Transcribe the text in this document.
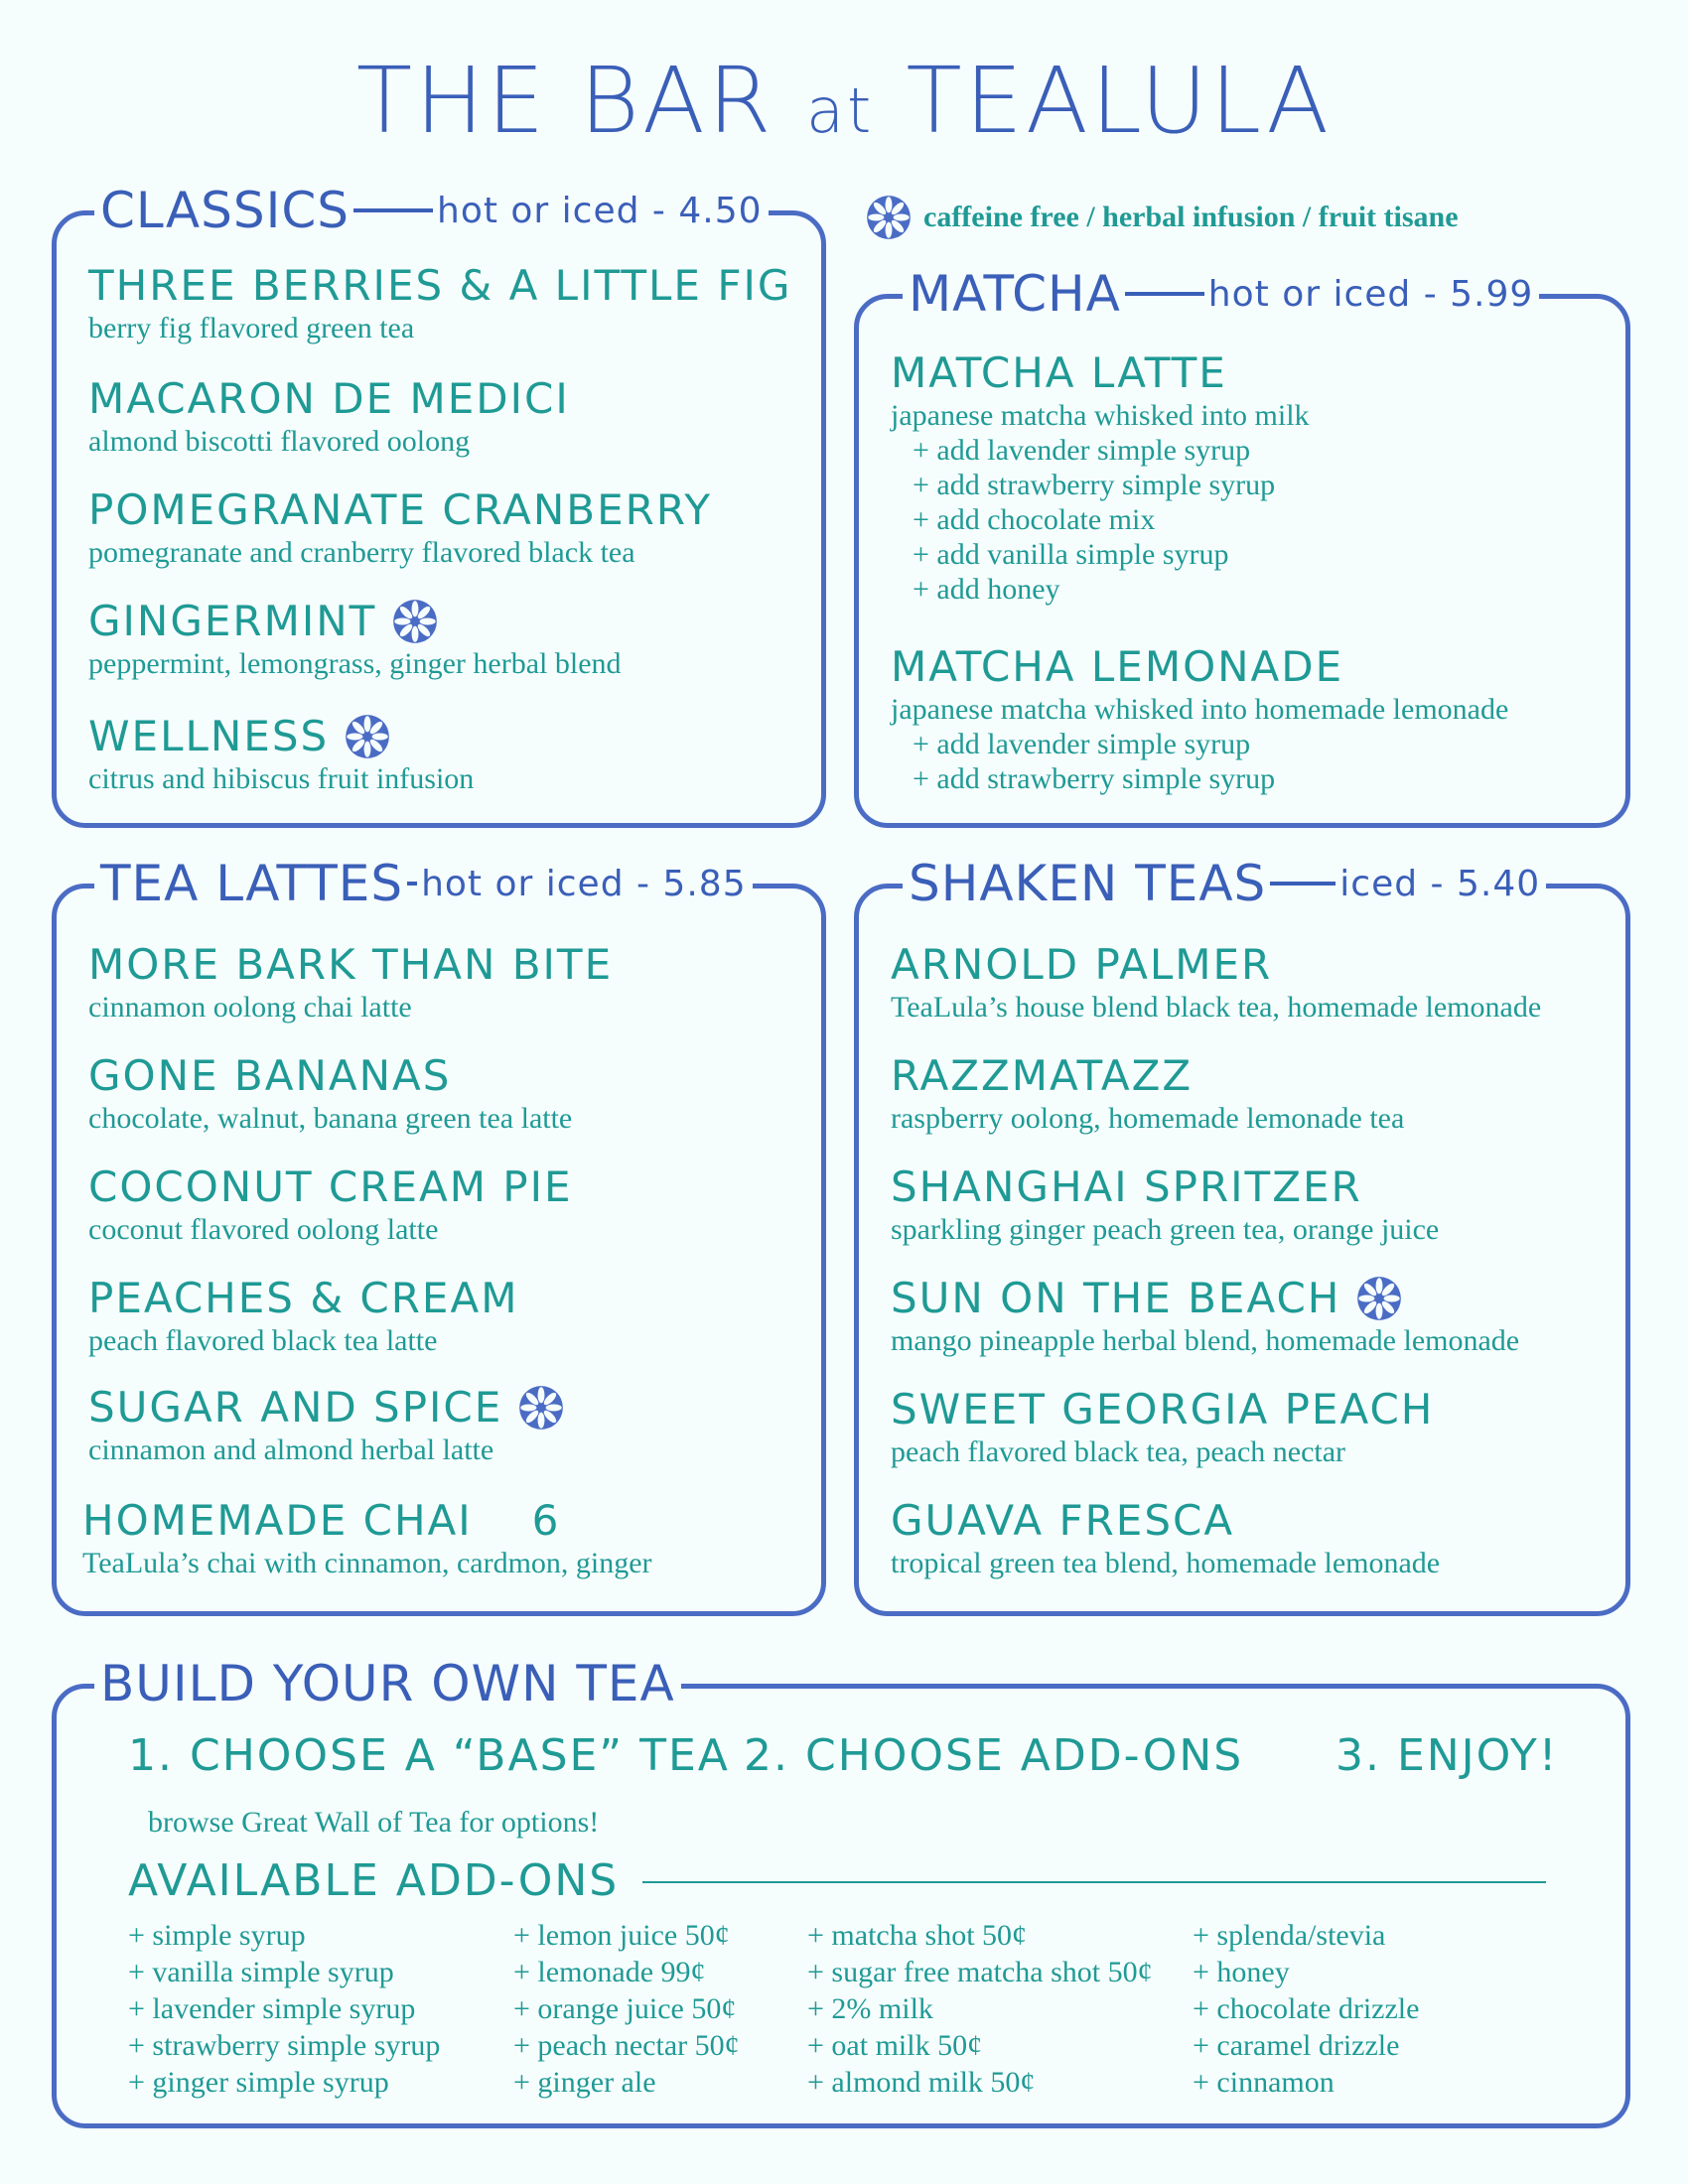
THE BAR at TEALULA
caffeine free / herbal infusion / fruit tisane
CLASSICS hot or iced - 4.50
THREE BERRIES & A LITTLE FIG
berry fig flavored green tea
MACARON DE MEDICI
almond biscotti flavored oolong
POMEGRANATE CRANBERRY
pomegranate and cranberry flavored black tea
GINGERMINT
peppermint, lemongrass, ginger herbal blend
WELLNESS
citrus and hibiscus fruit infusion
MATCHA hot or iced - 5.99
MATCHA LATTE
japanese matcha whisked into milk
+ add lavender simple syrup
+ add strawberry simple syrup
+ add chocolate mix
+ add vanilla simple syrup
+ add honey
MATCHA LEMONADE
japanese matcha whisked into homemade lemonade
+ add lavender simple syrup
+ add strawberry simple syrup
TEA LATTES hot or iced - 5.85
MORE BARK THAN BITE
cinnamon oolong chai latte
GONE BANANAS
chocolate, walnut, banana green tea latte
COCONUT CREAM PIE
coconut flavored oolong latte
PEACHES & CREAM
peach flavored black tea latte
SUGAR AND SPICE
cinnamon and almond herbal latte
HOMEMADE CHAI 6
TeaLula’s chai with cinnamon, cardmon, ginger
SHAKEN TEAS iced - 5.40
ARNOLD PALMER
TeaLula’s house blend black tea, homemade lemonade
RAZZMATAZZ
raspberry oolong, homemade lemonade tea
SHANGHAI SPRITZER
sparkling ginger peach green tea, orange juice
SUN ON THE BEACH
mango pineapple herbal blend, homemade lemonade
SWEET GEORGIA PEACH
peach flavored black tea, peach nectar
GUAVA FRESCA
tropical green tea blend, homemade lemonade
BUILD YOUR OWN TEA
1. CHOOSE A “BASE” TEA 2. CHOOSE ADD-ONS 3. ENJOY!
browse Great Wall of Tea for options!
AVAILABLE ADD-ONS
+ simple syrup
+ vanilla simple syrup
+ lavender simple syrup
+ strawberry simple syrup
+ ginger simple syrup
+ lemon juice 50¢
+ lemonade 99¢
+ orange juice 50¢
+ peach nectar 50¢
+ ginger ale
+ matcha shot 50¢
+ sugar free matcha shot 50¢
+ 2% milk
+ oat milk 50¢
+ almond milk 50¢
+ splenda/stevia
+ honey
+ chocolate drizzle
+ caramel drizzle
+ cinnamon
